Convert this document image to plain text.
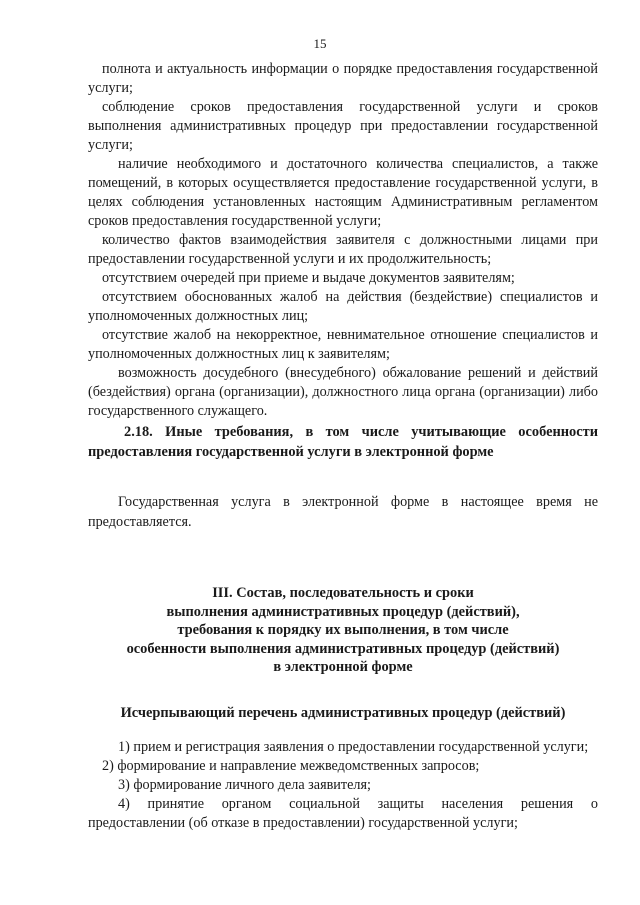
15

полнота и актуальность информации о порядке предоставления государственной услуги;

соблюдение сроков предоставления государственной услуги и сроков выполнения административных процедур при предоставлении государственной услуги;

наличие необходимого и достаточного количества специалистов, а также помещений, в которых осуществляется предоставление государственной услуги, в целях соблюдения установленных настоящим Административным регламентом сроков предоставления государственной услуги;

количество фактов взаимодействия заявителя с должностными лицами при предоставлении государственной услуги и их продолжительность;

отсутствием очередей при приеме и выдаче документов заявителям;

отсутствием обоснованных жалоб на действия (бездействие) специалистов и уполномоченных должностных лиц;

отсутствие жалоб на некорректное, невнимательное отношение специалистов и уполномоченных должностных лиц к заявителям;

возможность досудебного (внесудебного) обжалование решений и действий (бездействия) органа (организации), должностного лица органа (организации) либо государственного служащего.

2.18. Иные требования, в том числе учитывающие особенности предоставления государственной услуги в электронной форме
Государственная услуга в электронной форме в настоящее время не предоставляется.
III. Состав, последовательность и сроки
выполнения административных процедур (действий),
требования к порядку их выполнения, в том числе
особенности выполнения административных процедур (действий)
в электронной форме
Исчерпывающий перечень административных процедур (действий)

1) прием и регистрация заявления о предоставлении государственной услуги;

2) формирование и направление межведомственных запросов;

3) формирование личного дела заявителя;

4) принятие органом социальной защиты населения решения о предоставлении (об отказе в предоставлении) государственной услуги;
